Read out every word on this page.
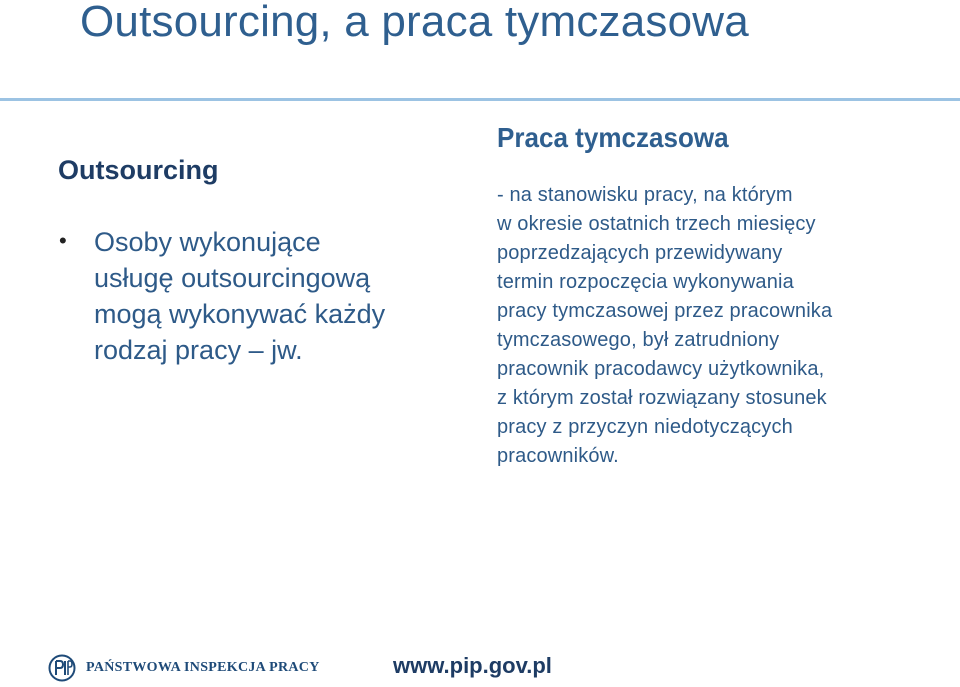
Outsourcing, a praca tymczasowa
Outsourcing
• Osoby wykonujące
usługę outsourcingową
mogą wykonywać każdy
rodzaj pracy – jw.

Praca tymczasowa

- na stanowisku pracy, na którym
w okresie ostatnich trzech miesięcy
poprzedzających przewidywany
termin rozpoczęcia wykonywania
pracy tymczasowej przez pracownika
tymczasowego, był zatrudniony
pracownik pracodawcy użytkownika,
z którym został rozwiązany stosunek
pracy z przyczyn niedotyczących
pracowników.

PAŃSTWOWA INSPEKCJA PRACY	www.pip.gov.pl
